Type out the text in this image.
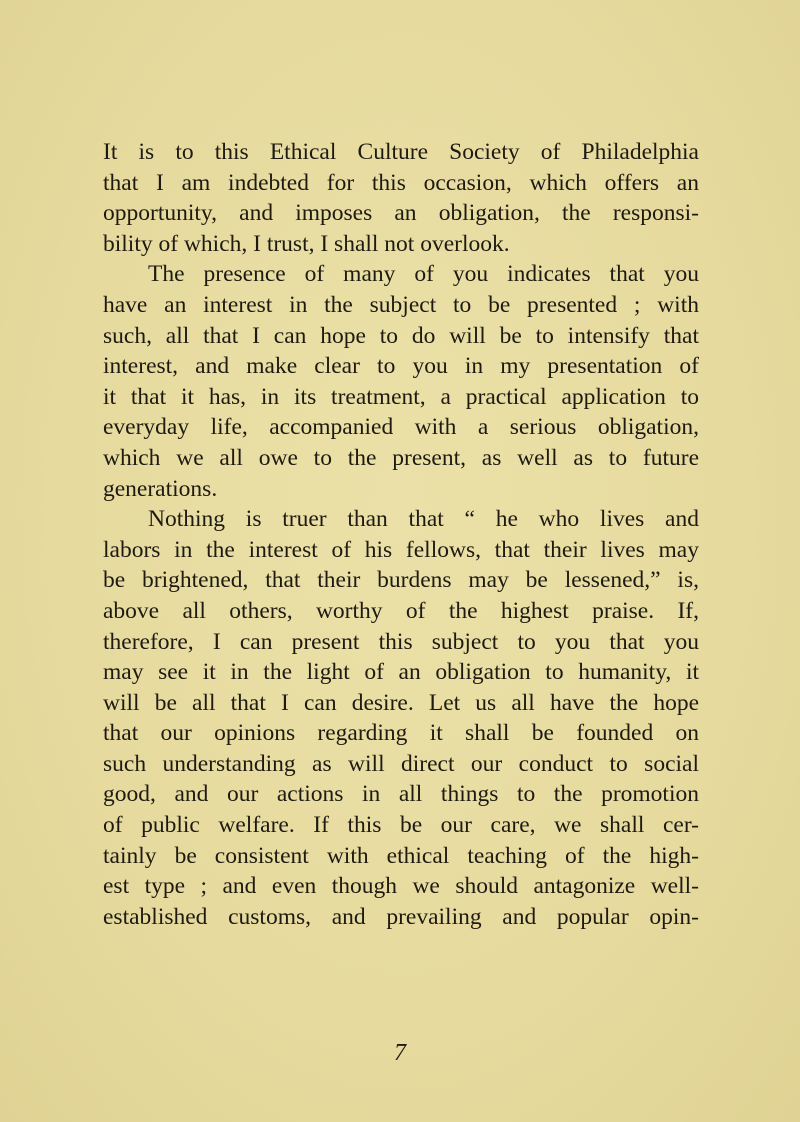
It is to this Ethical Culture Society of Philadelphia
that I am indebted for this occasion, which offers an
opportunity, and imposes an obligation, the responsi-
bility of which, I trust, I shall not overlook.
The presence of many of you indicates that you
have an interest in the subject to be presented ; with
such, all that I can hope to do will be to intensify that
interest, and make clear to you in my presentation of
it that it has, in its treatment, a practical application to
everyday life, accompanied with a serious obligation,
which we all owe to the present, as well as to future
generations.
Nothing is truer than that “ he who lives and
labors in the interest of his fellows, that their lives may
be brightened, that their burdens may be lessened,” is,
above all others, worthy of the highest praise. If,
therefore, I can present this subject to you that you
may see it in the light of an obligation to humanity, it
will be all that I can desire. Let us all have the hope
that our opinions regarding it shall be founded on
such understanding as will direct our conduct to social
good, and our actions in all things to the promotion
of public welfare. If this be our care, we shall cer-
tainly be consistent with ethical teaching of the high-
est type ; and even though we should antagonize well-
established customs, and prevailing and popular opin-
7
